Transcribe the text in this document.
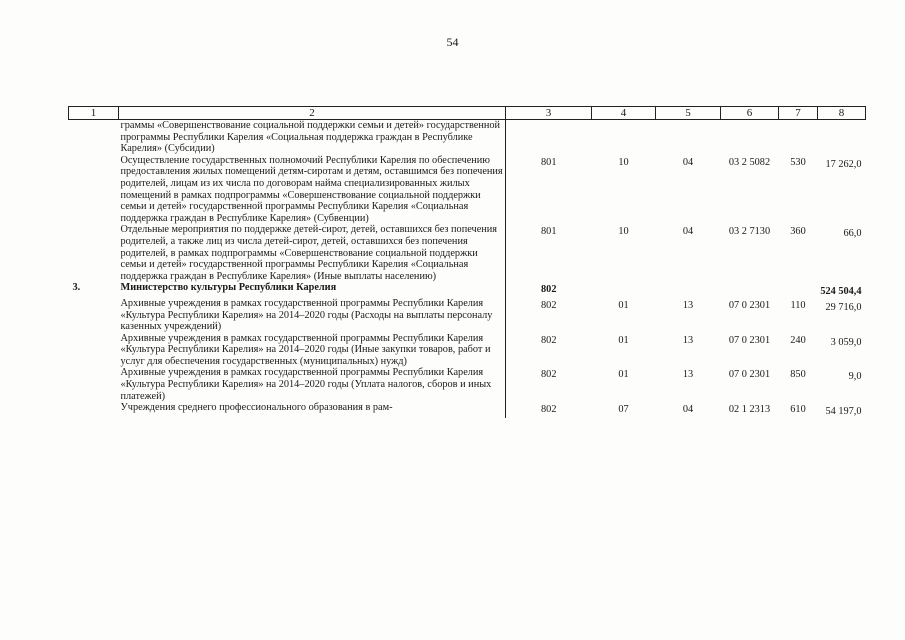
54
1	2	3	4	5	6	7	8
	граммы «Совершенствование социальной поддержки семьи и детей» государственной программы Республики Карелия «Социальная поддержка граждан в Республике Карелия» (Субсидии)						
	Осуществление государственных полномочий Республики Карелия по обеспечению предоставления жилых помещений детям-сиротам и детям, оставшимся без попечения родителей, лицам из их числа по договорам найма специализированных жилых помещений в рамках подпрограммы «Совершенствование социальной поддержки семьи и детей» государственной программы Республики Карелия «Социальная поддержка граждан в Республике Карелия» (Субвенции)	801	10	04	03 2 5082	530	17 262,0
	Отдельные мероприятия по поддержке детей-сирот, детей, оставшихся без попечения родителей, а также лиц из числа детей-сирот, детей, оставшихся без попечения родителей, в рамках подпрограммы «Совершенствование социальной поддержки семьи и детей» государственной программы Республики Карелия «Социальная поддержка граждан в Республике Карелия» (Иные выплаты населению)	801	10	04	03 2 7130	360	66,0
3.	Министерство культуры Республики Карелия	802					524 504,4
	Архивные учреждения в рамках государственной программы Республики Карелия «Культура Республики Карелия» на 2014–2020 годы (Расходы на выплаты персоналу казенных учреждений)	802	01	13	07 0 2301	110	29 716,0
	Архивные учреждения в рамках государственной программы Республики Карелия «Культура Республики Карелия» на 2014–2020 годы (Иные закупки товаров, работ и услуг для обеспечения государственных (муниципальных) нужд)	802	01	13	07 0 2301	240	3 059,0
	Архивные учреждения в рамках государственной программы Республики Карелия «Культура Республики Карелия» на 2014–2020 годы (Уплата налогов, сборов и иных платежей)	802	01	13	07 0 2301	850	9,0
	Учреждения среднего профессионального образования в рам-	802	07	04	02 1 2313	610	54 197,0
